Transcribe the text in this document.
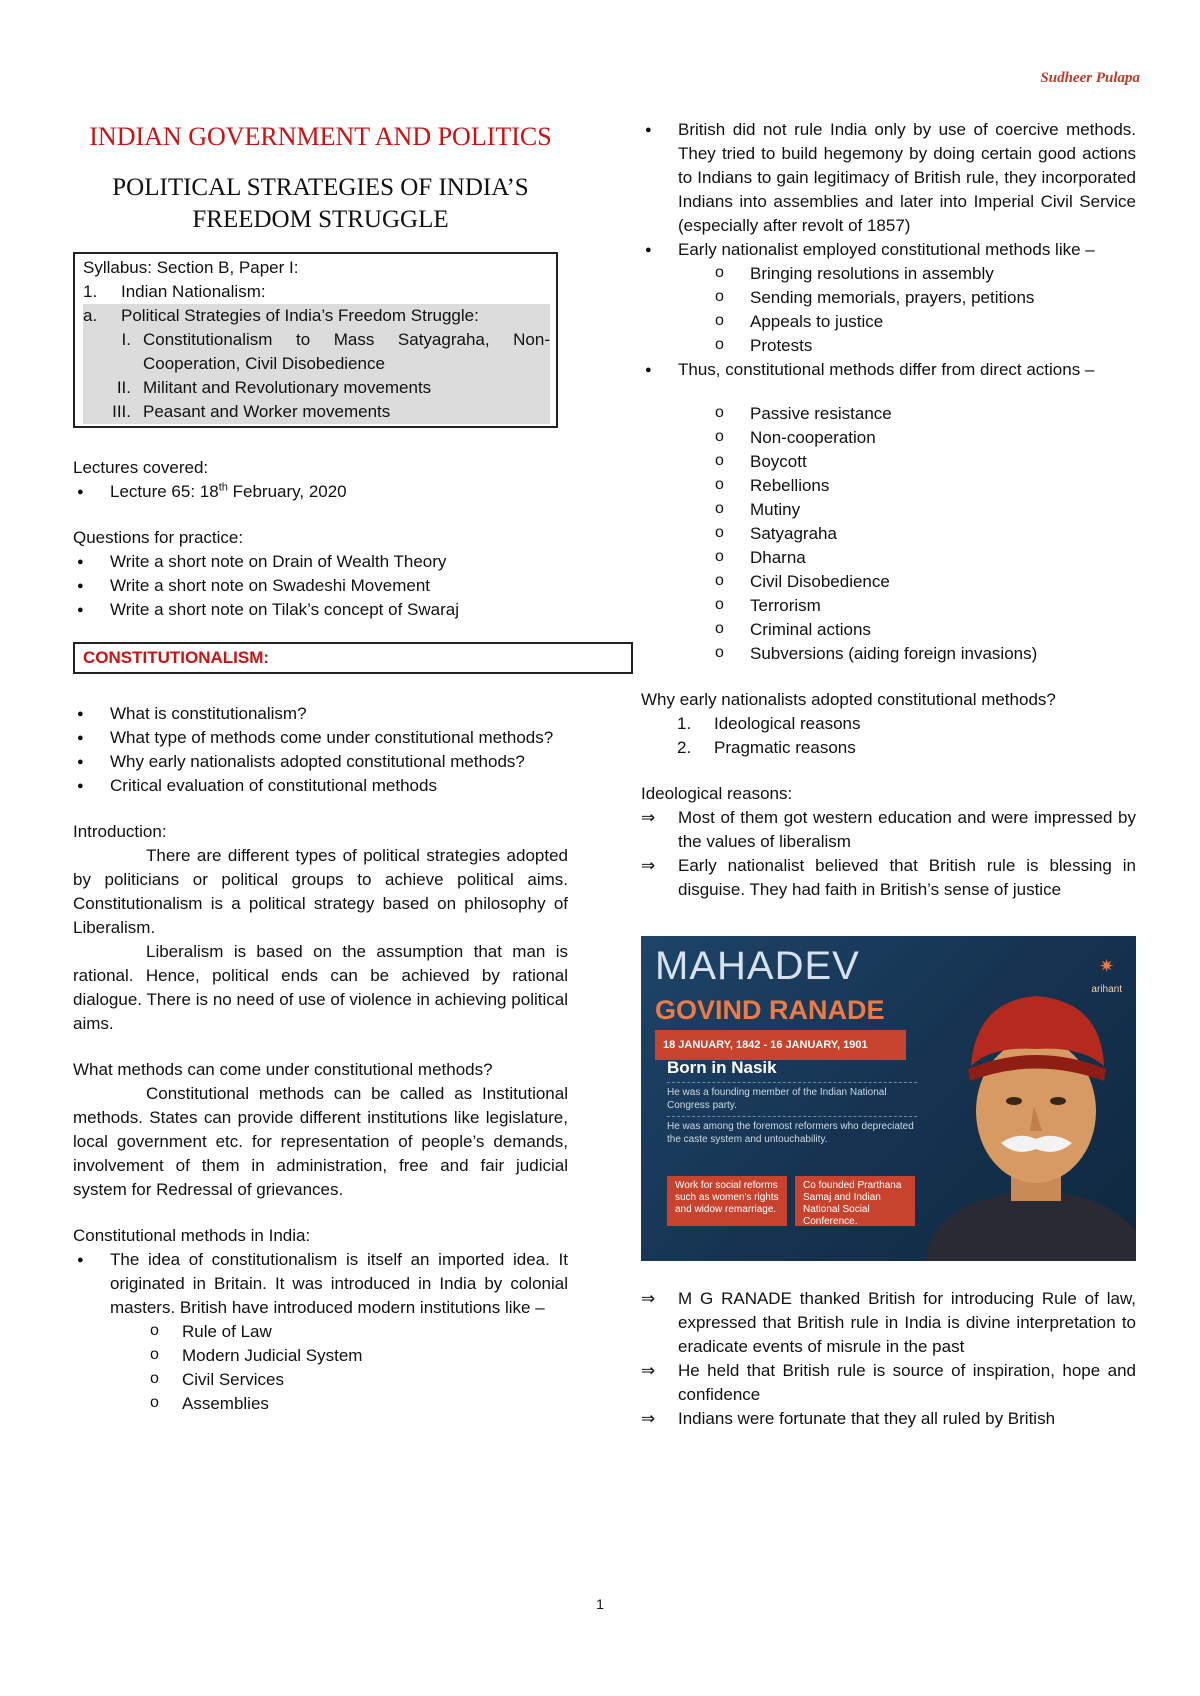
Sudheer Pulapa
INDIAN GOVERNMENT AND POLITICS
POLITICAL STRATEGIES OF INDIA’S
FREEDOM STRUGGLE
Syllabus: Section B, Paper I:
1.	Indian Nationalism:
a.	Political Strategies of India’s Freedom Struggle:
I. Constitutionalism to Mass Satyagraha, Non-Cooperation, Civil Disobedience
II. Militant and Revolutionary movements
III. Peasant and Worker movements

Lectures covered:

● Lecture 65: 18th February, 2020

Questions for practice:

● Write a short note on Drain of Wealth Theory
● Write a short note on Swadeshi Movement
● Write a short note on Tilak’s concept of Swaraj
CONSTITUTIONALISM:
● What is constitutionalism?
● What type of methods come under constitutional methods?
● Why early nationalists adopted constitutional methods?
● Critical evaluation of constitutional methods

Introduction:

There are different types of political strategies adopted by politicians or political groups to achieve political aims. Constitutionalism is a political strategy based on philosophy of Liberalism.

Liberalism is based on the assumption that man is rational. Hence, political ends can be achieved by rational dialogue. There is no need of use of violence in achieving political aims.

What methods can come under constitutional methods?

Constitutional methods can be called as Institutional methods. States can provide different institutions like legislature, local government etc. for representation of people’s demands, involvement of them in administration, free and fair judicial system for Redressal of grievances.

Constitutional methods in India:

● The idea of constitutionalism is itself an imported idea. It originated in Britain. It was introduced in India by colonial masters. British have introduced modern institutions like –
o Rule of Law
o Modern Judicial System
o Civil Services
o Assemblies
● British did not rule India only by use of coercive methods. They tried to build hegemony by doing certain good actions to Indians to gain legitimacy of British rule, they incorporated Indians into assemblies and later into Imperial Civil Service (especially after revolt of 1857)
● Early nationalist employed constitutional methods like –
o Bringing resolutions in assembly
o Sending memorials, prayers, petitions
o Appeals to justice
o Protests
● Thus, constitutional methods differ from direct actions –
o Passive resistance
o Non-cooperation
o Boycott
o Rebellions
o Mutiny
o Satyagraha
o Dharna
o Civil Disobedience
o Terrorism
o Criminal actions
o Subversions (aiding foreign invasions)

Why early nationalists adopted constitutional methods?

1. Ideological reasons
2. Pragmatic reasons

Ideological reasons:

⇒ Most of them got western education and were impressed by the values of liberalism
⇒ Early nationalist believed that British rule is blessing in disguise. They had faith in British’s sense of justice
MAHADEV
GOVIND RANADE
18 JANUARY, 1842 - 16 JANUARY, 1901
✷
arihant
Born in Nasik
He was a founding member of the Indian National Congress party.
He was among the foremost reformers who depreciated the caste system and untouchability.
Work for social reforms such as women's rights and widow remarriage.
Co founded Prarthana Samaj and Indian National Social Conference.
⇒ M G RANADE thanked British for introducing Rule of law, expressed that British rule in India is divine interpretation to eradicate events of misrule in the past
⇒ He held that British rule is source of inspiration, hope and confidence
⇒ Indians were fortunate that they all ruled by British
1
